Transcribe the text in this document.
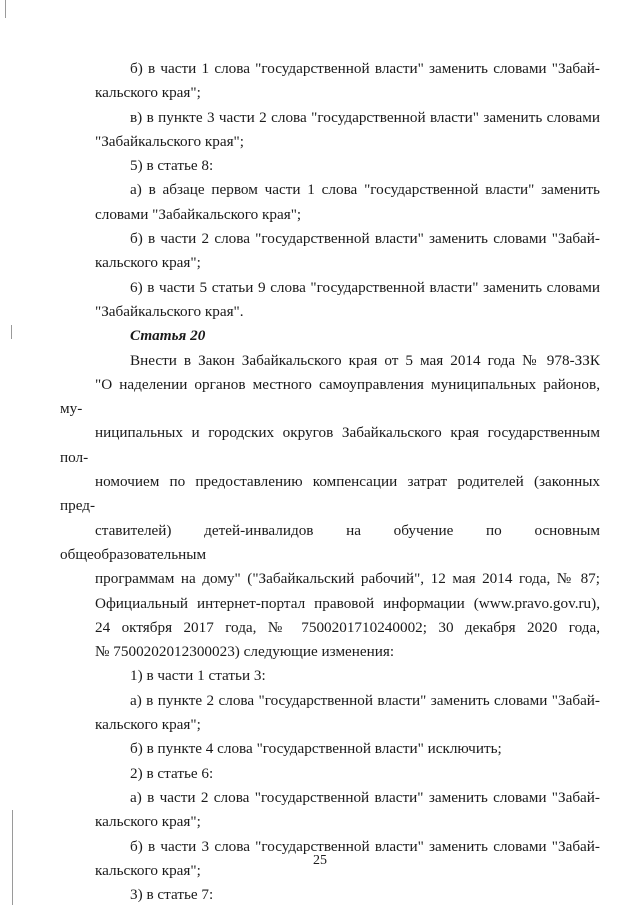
б) в части 1 слова "государственной власти" заменить словами "Забай-
кальского края";

в) в пункте 3 части 2 слова "государственной власти" заменить словами
"Забайкальского края";

5) в статье 8:

а) в абзаце первом части 1 слова "государственной власти" заменить
словами "Забайкальского края";

б) в части 2 слова "государственной власти" заменить словами "Забай-
кальского края";

6) в части 5 статьи 9 слова "государственной власти" заменить словами
"Забайкальского края".

Статья 20

Внести в Закон Забайкальского края от 5 мая 2014 года № 978-ЗЗК
"О наделении органов местного самоуправления муниципальных районов, му-
ниципальных и городских округов Забайкальского края государственным пол-
номочием по предоставлению компенсации затрат родителей (законных пред-
ставителей) детей-инвалидов на обучение по основным общеобразовательным
программам на дому" ("Забайкальский рабочий", 12 мая 2014 года, № 87;
Официальный интернет-портал правовой информации (www.pravo.gov.ru),
24 октября 2017 года, № 7500201710240002; 30 декабря 2020 года,
№ 7500202012300023) следующие изменения:

1) в части 1 статьи 3:

а) в пункте 2 слова "государственной власти" заменить словами "Забай-
кальского края";

б) в пункте 4 слова "государственной власти" исключить;

2) в статье 6:

а) в части 2 слова "государственной власти" заменить словами "Забай-
кальского края";

б) в части 3 слова "государственной власти" заменить словами "Забай-
кальского края";

3) в статье 7:

25
